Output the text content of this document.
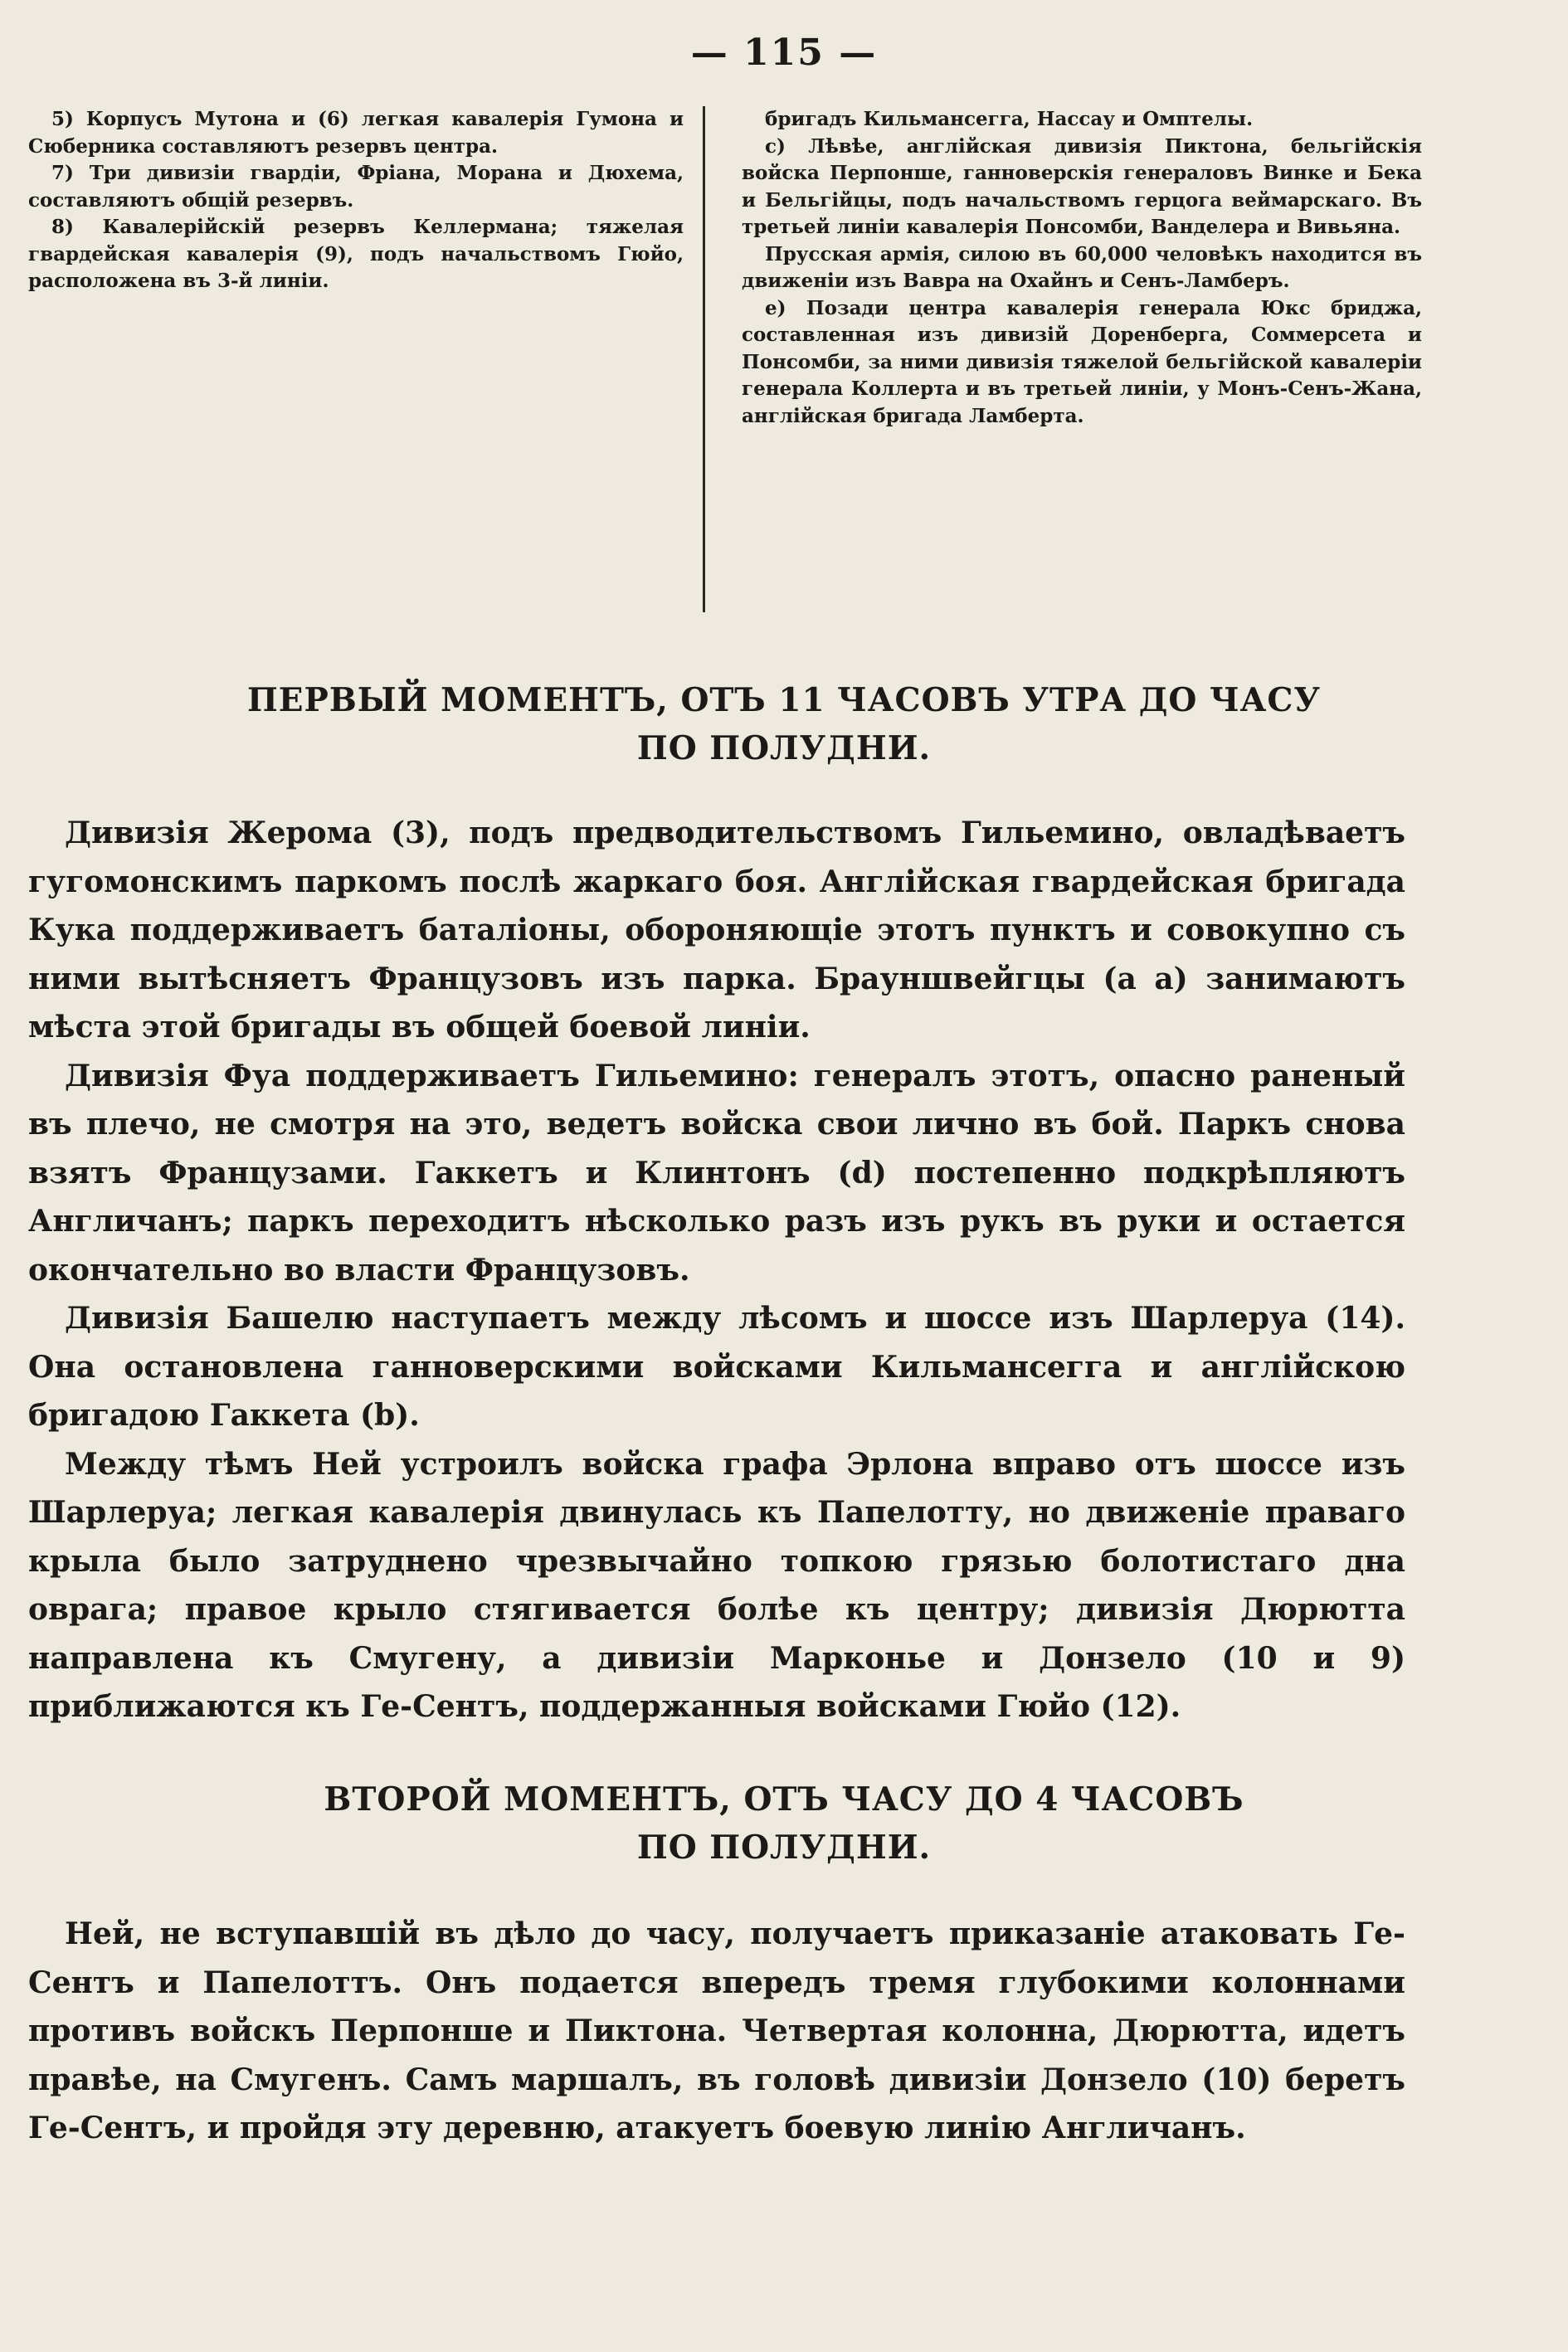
— 115 —

5) Корпусъ Мутона и (6) легкая кавалерія Гумона и Сюберника составляютъ резервъ центра.

7) Три дивизіи гвардіи, Фріана, Морана и Дюхема, составляютъ общій резервъ.

8) Кавалерійскій резервъ Келлермана; тяжелая гвардейская кавалерія (9), подъ начальствомъ Гюйо, расположена въ 3-й линіи.

бригадъ Кильмансегга, Нассау и Омптелы.

c) Лѣвѣе, англійская дивизія Пиктона, бельгійскія войска Перпонше, ганноверскія генераловъ Винке и Бека и Бельгійцы, подъ начальствомъ герцога веймарскаго. Въ третьей линіи кавалерія Понсомби, Ванделера и Вивьяна.

Прусская армія, силою въ 60,000 человѣкъ находится въ движеніи изъ Вавра на Охайнъ и Сенъ-Ламберъ.

e) Позади центра кавалерія генерала Юкс бриджа, составленная изъ дивизій Доренберга, Соммерсета и Понсомби, за ними дивизія тяжелой бельгійской кавалеріи генерала Коллерта и въ третьей линіи, у Монъ-Сенъ-Жана, англійская бригада Ламберта.

ПЕРВЫЙ МОМЕНТЪ, ОТЪ 11 ЧАСОВЪ УТРА ДО ЧАСУ
ПО ПОЛУДНИ.

Дивизія Жерома (3), подъ предводительствомъ Гильемино, овладѣваетъ гугомонскимъ паркомъ послѣ жаркаго боя. Англійская гвардейская бригада Кука поддерживаетъ баталіоны, обороняющіе этотъ пунктъ и совокупно съ ними вытѣсняетъ Французовъ изъ парка. Брауншвейгцы (a a) занимаютъ мѣста этой бригады въ общей боевой линіи.

Дивизія Фуа поддерживаетъ Гильемино: генералъ этотъ, опасно раненый въ плечо, не смотря на это, ведетъ войска свои лично въ бой. Паркъ снова взятъ Французами. Гаккетъ и Клинтонъ (d) постепенно подкрѣпляютъ Англичанъ; паркъ переходитъ нѣсколько разъ изъ рукъ въ руки и остается окончательно во власти Французовъ.

Дивизія Башелю наступаетъ между лѣсомъ и шоссе изъ Шарлеруа (14). Она остановлена ганноверскими войсками Кильмансегга и англійскою бригадою Гаккета (b).

Между тѣмъ Ней устроилъ войска графа Эрлона вправо отъ шоссе изъ Шарлеруа; легкая кавалерія двинулась къ Папелотту, но движеніе праваго крыла было затруднено чрезвычайно топкою грязью болотистаго дна оврага; правое крыло стягивается болѣе къ центру; дивизія Дюрютта направлена къ Смугену, а дивизіи Марконье и Донзело (10 и 9) приближаются къ Ге-Сентъ, поддержанныя войсками Гюйо (12).

ВТОРОЙ МОМЕНТЪ, ОТЪ ЧАСУ ДО 4 ЧАСОВЪ
ПО ПОЛУДНИ.

Ней, не вступавшій въ дѣло до часу, получаетъ приказаніе атаковать Ге-Сентъ и Папелоттъ. Онъ подается впередъ тремя глубокими колоннами противъ войскъ Перпонше и Пиктона. Четвертая колонна, Дюрютта, идетъ правѣе, на Смугенъ. Самъ маршалъ, въ головѣ дивизіи Донзело (10) беретъ Ге-Сентъ, и пройдя эту деревню, атакуетъ боевую линію Англичанъ.
